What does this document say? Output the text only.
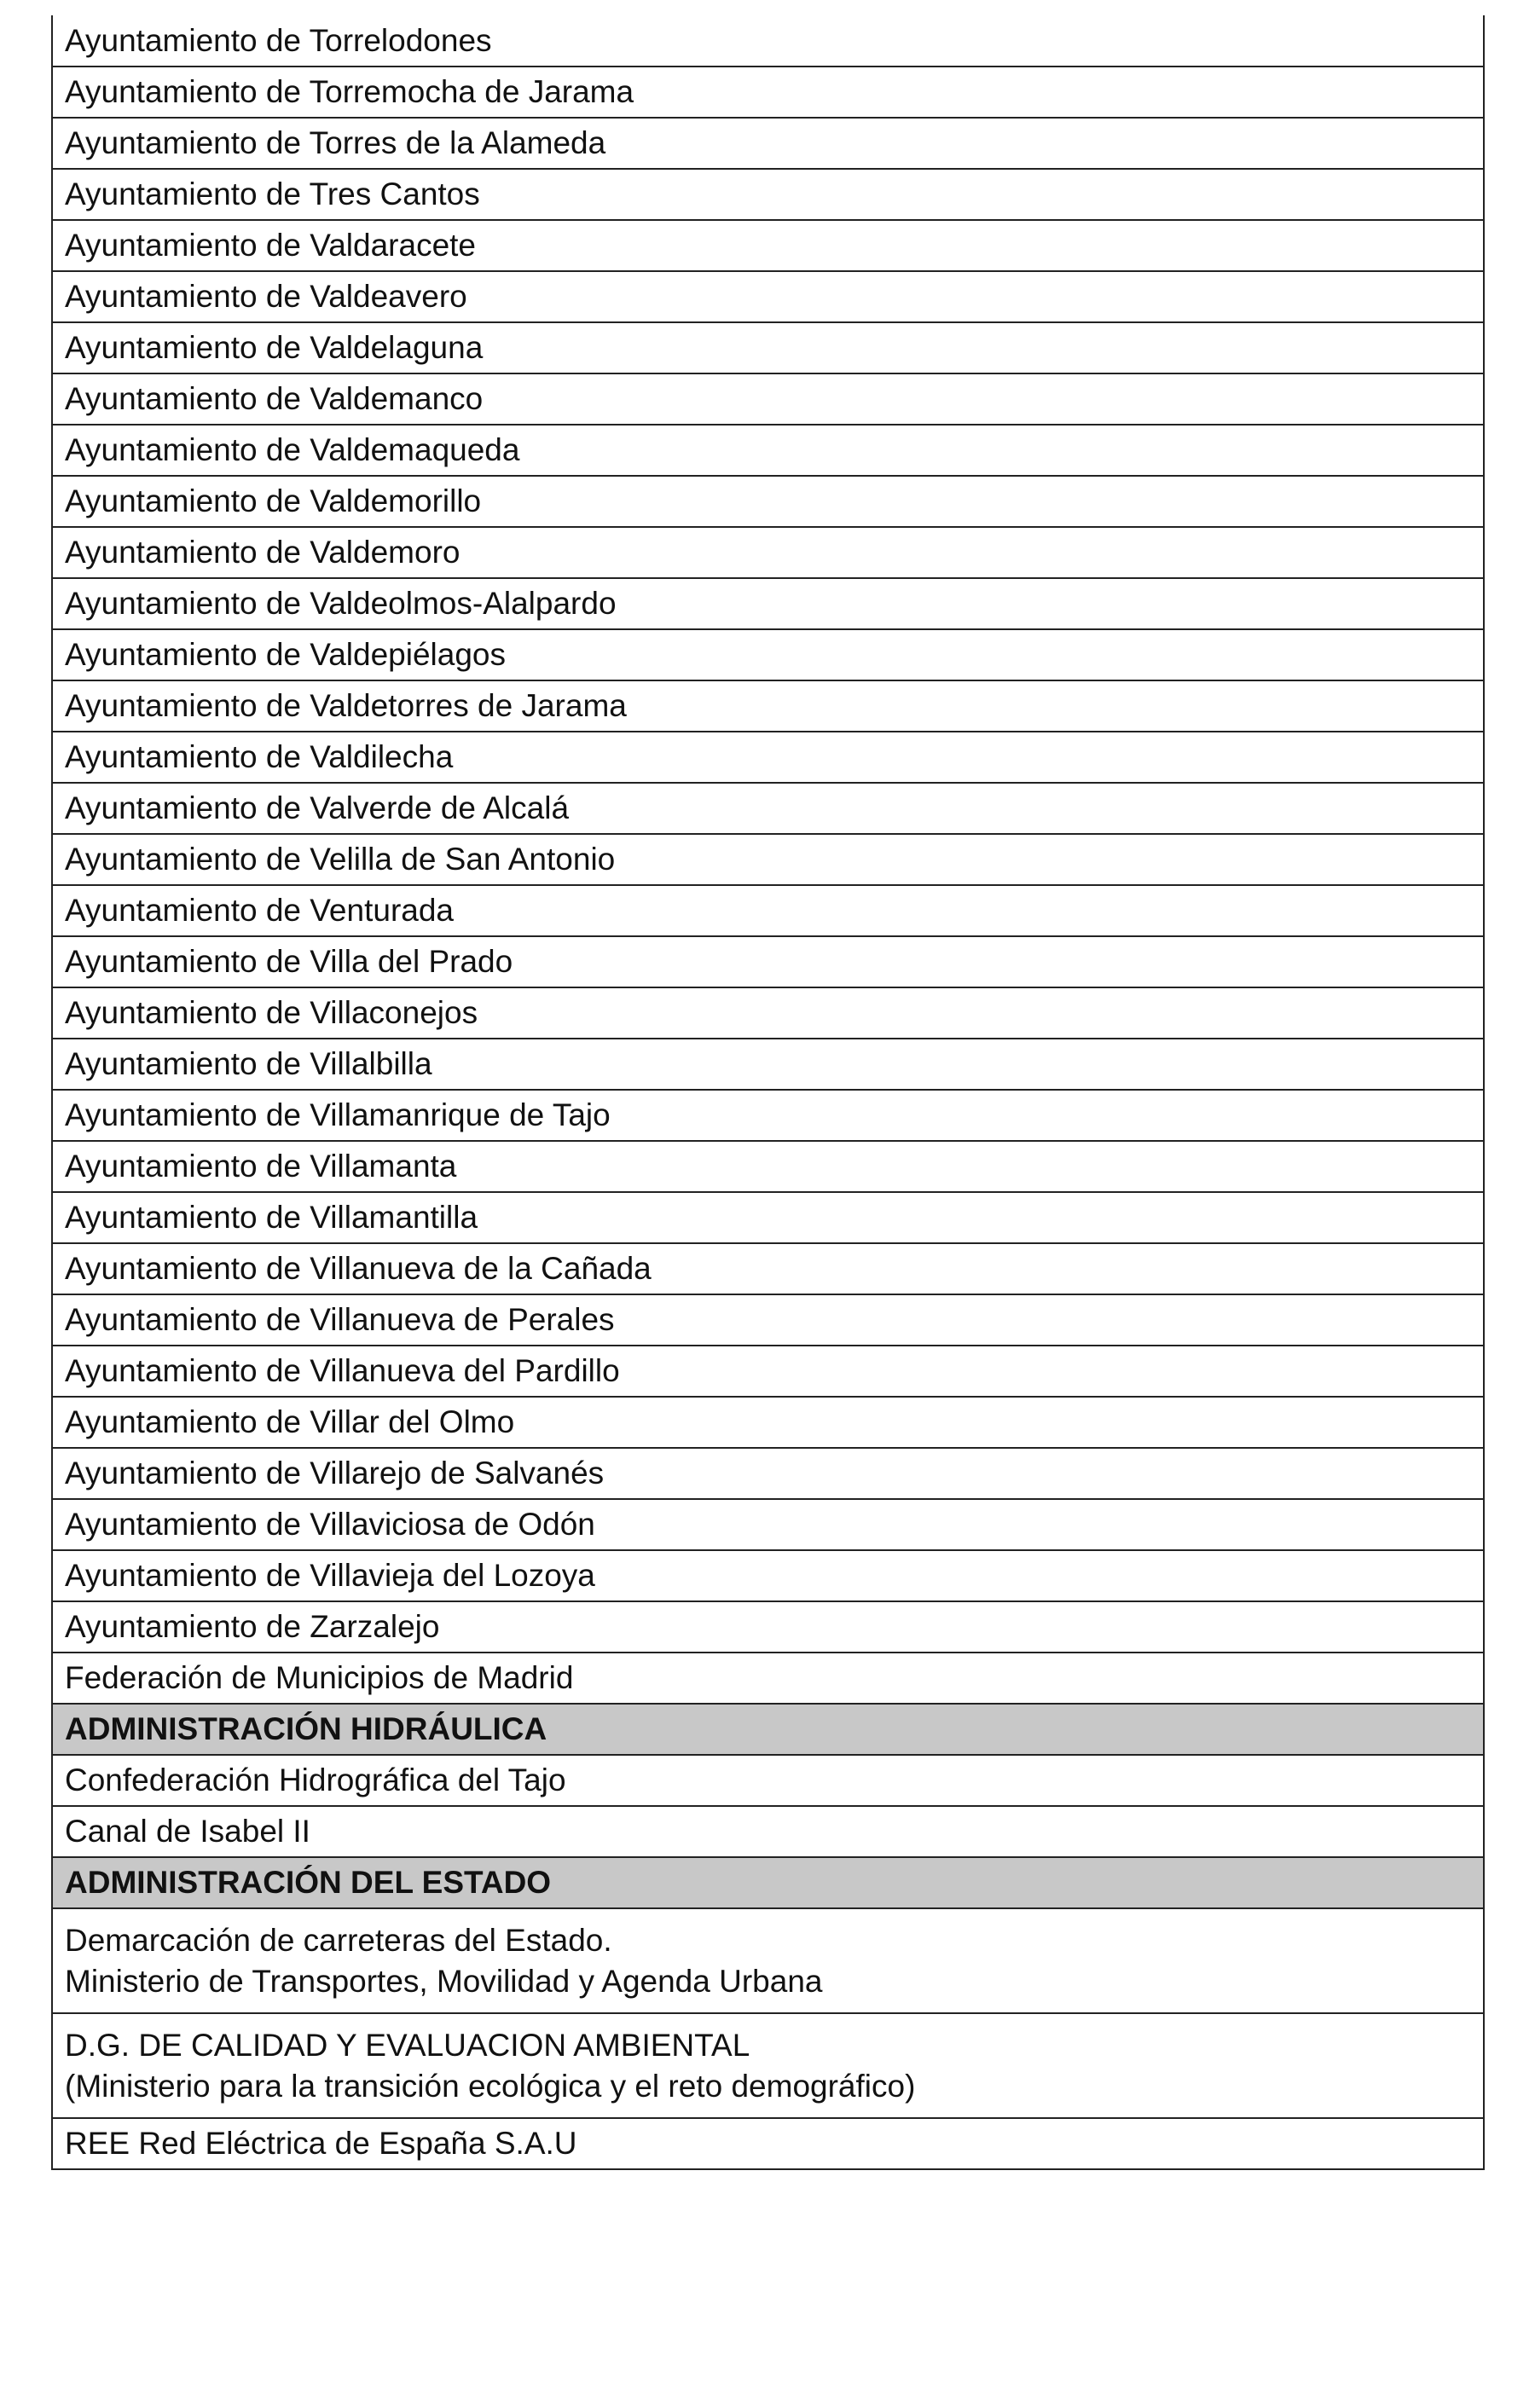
Ayuntamiento de Torrelodones
Ayuntamiento de Torremocha de Jarama
Ayuntamiento de Torres de la Alameda
Ayuntamiento de Tres Cantos
Ayuntamiento de Valdaracete
Ayuntamiento de Valdeavero
Ayuntamiento de Valdelaguna
Ayuntamiento de Valdemanco
Ayuntamiento de Valdemaqueda
Ayuntamiento de Valdemorillo
Ayuntamiento de Valdemoro
Ayuntamiento de Valdeolmos-Alalpardo
Ayuntamiento de Valdepiélagos
Ayuntamiento de Valdetorres de Jarama
Ayuntamiento de Valdilecha
Ayuntamiento de Valverde de Alcalá
Ayuntamiento de Velilla de San Antonio
Ayuntamiento de Venturada
Ayuntamiento de Villa del Prado
Ayuntamiento de Villaconejos
Ayuntamiento de Villalbilla
Ayuntamiento de Villamanrique de Tajo
Ayuntamiento de Villamanta
Ayuntamiento de Villamantilla
Ayuntamiento de Villanueva de la Cañada
Ayuntamiento de Villanueva de Perales
Ayuntamiento de Villanueva del Pardillo
Ayuntamiento de Villar del Olmo
Ayuntamiento de Villarejo de Salvanés
Ayuntamiento de Villaviciosa de Odón
Ayuntamiento de Villavieja del Lozoya
Ayuntamiento de Zarzalejo
Federación de Municipios de Madrid
ADMINISTRACIÓN HIDRÁULICA
Confederación Hidrográfica del Tajo
Canal de Isabel II
ADMINISTRACIÓN DEL ESTADO

Demarcación de carreteras del Estado.
Ministerio de Transportes, Movilidad y Agenda Urbana

D.G. DE CALIDAD Y EVALUACION AMBIENTAL
(Ministerio para la transición ecológica y el reto demográfico)

REE Red Eléctrica de España S.A.U
